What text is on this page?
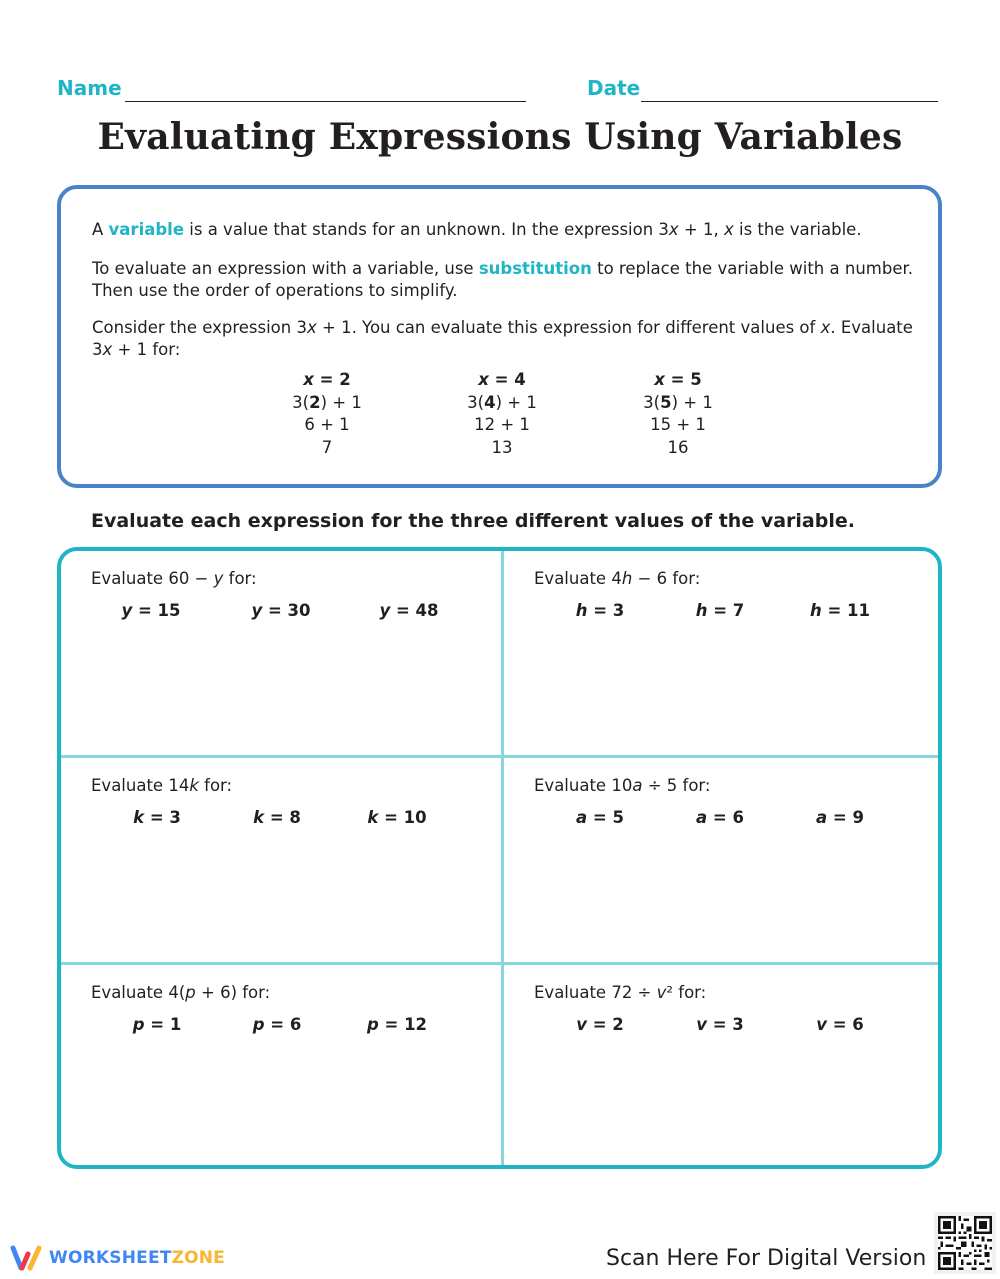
Name	Date
Evaluating Expressions Using Variables

A variable is a value that stands for an unknown. In the expression 3x + 1, x is the variable.

To evaluate an expression with a variable, use substitution to replace the variable with a number. Then use the order of operations to simplify.

Consider the expression 3x + 1. You can evaluate this expression for different values of x. Evaluate 3x + 1 for:

x = 2
3(2) + 1
6 + 1
7
x = 4
3(4) + 1
12 + 1
13
x = 5
3(5) + 1
15 + 1
16
Evaluate each expression for the three different values of the variable.
Evaluate 60 − y for:
y = 15	y = 30	y = 48
Evaluate 4h − 6 for:
h = 3	h = 7	h = 11
Evaluate 14k for:
k = 3	k = 8	k = 10
Evaluate 10a ÷ 5 for:
a = 5	a = 6	a = 9
Evaluate 4(p + 6) for:
p = 1	p = 6	p = 12
Evaluate 72 ÷ v² for:
v = 2	v = 3	v = 6
WORKSHEETZONE	Scan Here For Digital Version
